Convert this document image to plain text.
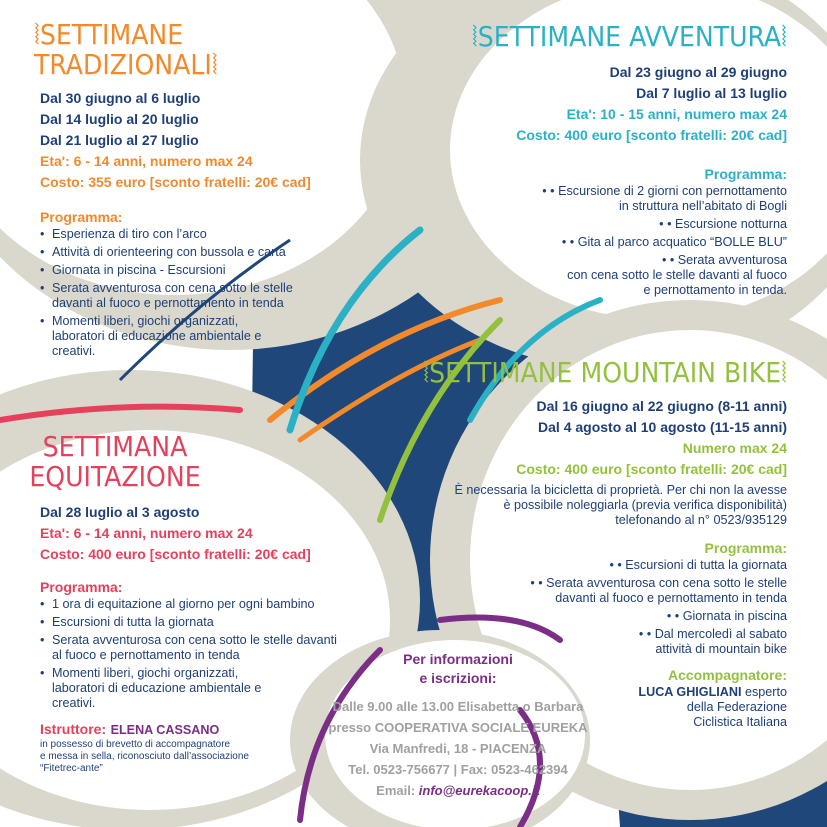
⦚SETTIMANE TRADIZIONALI⦚
Dal 30 giugno al 6 luglio
Dal 14 luglio al 20 luglio
Dal 21 luglio al 27 luglio
Eta': 6 - 14 anni, numero max 24
Costo: 355 euro [sconto fratelli: 20€ cad]
Programma:
• Esperienza di tiro con l’arco
• Attività di orienteering con bussola e carta
• Giornata in piscina - Escursioni
• Serata avventurosa con cena sotto le stelle davanti al fuoco e pernottamento in tenda
• Momenti liberi, giochi organizzati, laboratori di educazione ambientale e creativi.
⦚SETTIMANE AVVENTURA⦚
Dal 23 giugno al 29 giugno
Dal 7 luglio al 13 luglio
Eta': 10 - 15 anni, numero max 24
Costo: 400 euro [sconto fratelli: 20€ cad]
Programma:
• • Escursione di 2 giorni con pernottamento
in struttura nell’abitato di Bogli
• • Escursione notturna
• • Gita al parco acquatico “BOLLE BLU”
• • Serata avventurosa
con cena sotto le stelle davanti al fuoco
e pernottamento in tenda.
⦚SETTIMANE MOUNTAIN BIKE⦚
Dal 16 giugno al 22 giugno (8-11 anni)
Dal 4 agosto al 10 agosto (11-15 anni)
Numero max 24
Costo: 400 euro [sconto fratelli: 20€ cad]
È necessaria la bicicletta di proprietà. Per chi non la avesse
è possibile noleggiarla (previa verifica disponibilità)
telefonando al n° 0523/935129
Programma:
• • Escursioni di tutta la giornata
• • Serata avventurosa con cena sotto le stelle
davanti al fuoco e pernottamento in tenda
• • Giornata in piscina
• • Dal mercoledì al sabato
attività di mountain bike
Accompagnatore:
LUCA GHIGLIANI esperto
della Federazione
Ciclistica Italiana
SETTIMANA
EQUITAZIONE
Dal 28 luglio al 3 agosto
Eta': 6 - 14 anni, numero max 24
Costo: 400 euro [sconto fratelli: 20€ cad]
Programma:
• 1 ora di equitazione al giorno per ogni bambino
• Escursioni di tutta la giornata
• Serata avventurosa con cena sotto le stelle davanti al fuoco e pernottamento in tenda
• Momenti liberi, giochi organizzati, laboratori di educazione ambientale e creativi.
Istruttore: ELENA CASSANO
in possesso di brevetto di accompagnatore
e messa in sella, riconosciuto dall’associazione
“Fitetrec-ante”
Per informazioni
e iscrizioni:
Dalle 9.00 alle 13.00 Elisabetta o Barbara
presso COOPERATIVA SOCIALE EUREKA
Via Manfredi, 18 - PIACENZA
Tel. 0523-756677 | Fax: 0523-462394
Email: info@eurekacoop.it
